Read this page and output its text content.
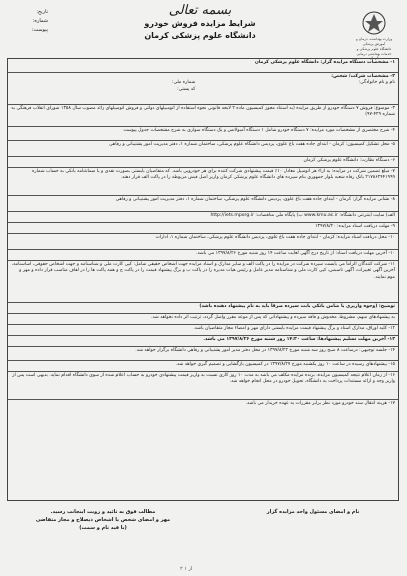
وزارت بهداشت، درمان و آموزش پزشکی
دانشگاه علوم پزشکی و خدمات بهداشتی درمانی کرمان
بسمه تعالی
شرایط مزایده فروش خودرو
دانشگاه علوم پزشکی کرمان
تاریخ:
شماره:
پیوست:
۱- مشخصات دستگاه مزایده گزار: دانشگاه علوم پزشکی کرمان
۲- مشخصات شرکت/ شخص:
نام و نام خانوادگی:
شماره ملی:
کد پستی:
۳- موضوع: فروش ۷ دستگاه خودرو از طریق مزایده (به استناد مجوز کمیسیون ماده ۲ لایحه قانونی نحوه استفاده از اتومبیلهای دولتی و فروش اتومبیلهای زائد مصوب سال ۱۳۵۸ شورای انقلاب فرهنگی به شماره ۴۲۹-۹۷)
۴- شرح مختصری از مشخصات مورد مزایده: ۷ دستگاه خودرو شامل ۱ دستگاه آمبولانس و یک دستگاه سواری به شرح مشخصات جدول پیوست
۵- محل تشکیل کمیسیون: کرمان - ابتدای جاده هفت باغ علوی، پردیس دانشگاه علوم پزشکی، ساختمان شماره ۱، دفتر مدیریت امور پشتیبانی و رفاهی
۶- دستگاه نظارت: دانشگاه علوم پزشکی کرمان
۷- مبلغ تضمین شرکت در مزایده: به ازاء هر اتومبیل معادل ۱۰٪ قیمت پیشنهادی شرکت کننده برای هر خودرویی باشد. که متقاضیان بایستی بصورت نقدی و یا ضمانتنامه بانکی به حساب شماره ۲۱۷۸۶۲۴۴۱۹۹۹ بانک رفاه شعبه بلوار جمهوری بنام سپرده های دانشگاه علوم پزشکی کرمان واریز اصل فیش مربوطه را در پاکت الف قرار دهند.
۸- نشانی مزایده گزار: کرمان - ابتدای جاده هفت باغ علوی، پردیس دانشگاه علوم پزشکی، ساختمان شماره ۱، دفتر مدیریت امور پشتیبانی و رفاهی
الف) سایت اینترنتی دانشگاه: www.kmu.ac.ir ب) پایگاه ملی مناقصات: http://iets.mporg.ir
۹- مهلت دریافت اسناد مزایده: ۱۳۹۷/۸/۲۰
۱۰- محل دریافت اسناد مزایده: کرمان - ابتدای جاده هفت باغ علوی، پردیس دانشگاه علوم پزشکی، ساختمان شماره ۱، ادارات
۱۰- آخرین مهلت دریافت اسناد: از تاریخ درج آگهی لغایت ساعت ۱۴ روز شنبه مورخ ۱۳۹۷/۸/۲۶ می باشد.
۱۱- شرکت کنندگان الزاماً می بایست سپرده شرکت در مزایده را در پاکت الف و سایر مدارک و اسناد مزایده جهت اشخاص حقیقی شامل: کپی کارت ملی و شناسنامه و جهت اشخاص حقوقی، اساسنامه، آخرین آگهی تغییرات، آگهی تاسیس، کپی کارت ملی و شناسنامه مدیر عامل و رئیس هیات مدیره را در پاکت ب و برگ پیشنهاد قیمت را در پاکت ج و همه پاکت ها را در لفاف مناسب قرار داده و مهر و موم نمایند.
توضیح: (وجوه واریزی یا ضامن بانکی بابت سپرده صرفاً باید به نام پیشنهاد دهنده باشد)
به پیشنهادهای مبهم، مشروط، مخدوش و فاقد سپرده و پیشنهاداتی که پس از موعد مقرر واصل گردد، ترتیب اثر داده نخواهد شد.
۱۲- کلیه اوراق، مدارک اسناد و برگ پیشنهاد قیمت مزایده بایستی دارای مهر و امضاء مجاز متقاضیان باشد.
۱۳- آخرین مهلت تسلیم پیشنهادها: ساعت ۱۴:۳۰ روز شنبه مورخ ۱۳۹۷/۸/۲۶ می باشد.
۱۴- جلسه توجیهی: درساعت ۸ صبح روز سه شنبه مورخ ۱۳۹۷/۸/۲۲ در محل دفتر مدیر امور پشتیبانی و رفاهی دانشگاه برگزار خواهد شد.
۱۵- پیشنهادهای رسیده در ساعت ۱۰ روز یکشنبه مورخ ۱۳۹۷/۸/۲۷ در کمیسیون بازگشایی و تصمیم گیری خواهد شد.
۱۶- از زمان اعلام نتیجه کمیسیون مزایده، برنده مزایده مکلف می باشد به مدت ۱۰ روز کاری نسبت به واریز قیمت پیشنهادی خودرو به حساب اعلام شده از سوی دانشگاه اقدام نماید. بدیهی است پس از واریز وجه و ارائه مستندات پرداخت به دانشگاه، تحویل خودرو در محل انجام خواهد شد.
۱۷- هزینه انتقال سند خودرو مورد نظر برابر مقررات به عهده خریدار می باشد.
نام و امضای مسئول واحد مزایده گزار
مطالب فوق به تائید و رویت اینجانب رسید.
مهر و امضای شخص یا اشخاص ذیصلاح و مجاز متقاضی
(با قید نام و سمت)
۲ از ۱
